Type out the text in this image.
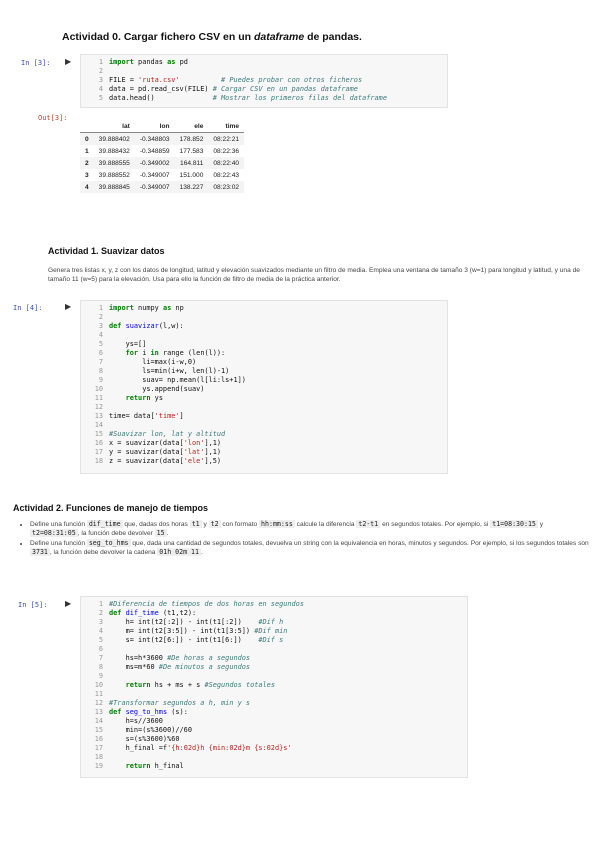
Actividad 0. Cargar fichero CSV en un dataframe de pandas.
In [3]: ▶	1 import pandas as pd
2
3 FILE = 'ruta.csv'	# Puedes probar con otros ficheros
4 data = pd.read_csv(FILE) # Cargar CSV en un pandas dataframe
5 data.head()	# Mostrar los primeros filas del dataframe
Out[3]:
	lat	lon	ele	time
0	39.888402	-0.348803	178.852	08:22:21
1	39.888432	-0.348859	177.583	08:22:36
2	39.888555	-0.349002	164.811	08:22:40
3	39.888552	-0.349007	151.000	08:22:43
4	39.888845	-0.349007	138.227	08:23:02
Actividad 1. Suavizar datos
Genera tres listas x, y, z con los datos de longitud, latitud y elevación suavizados mediante un filtro de media. Emplea una ventana de tamaño 3 (w=1) para longitud y latitud, y una de tamaño 11 (w=5) para la elevación. Usa para ello la función de filtro de media de la práctica anterior.
In [4]:	▶	1 import numpy as np
2
3 def suavizar(l,w):
4
5    ys=[]
6	for i in range (len(l)):
7        li=max(i-w,0)
8        ls=min(i+w, len(l)-1)
9        suav= np.mean(l[li:ls+1])
10        ys.append(suav)
11	return ys
12
13 time= data['time']
14
15 #Suavizar lon, lat y altitud
16 x = suavizar(data['lon'],1)
17 y = suavizar(data['lat'],1)
18 z = suavizar(data['ele'],5)
Actividad 2. Funciones de manejo de tiempos
• Define una función dif_time que, dadas dos horas t1 y t2 con formato hh:mm:ss calcule la diferencia t2-t1 en segundos totales. Por ejemplo, si t1=08:30:15 y t2=08:31:05 , la función debe devolver 15 .
• Define una función seg_to_hms que, dada una cantidad de segundos totales, devuelva un string con la equivalencia en horas, minutos y segundos. Por ejemplo, si los segundos totales son 3731 , la función debe devolver la cadena 01h 02m 11 .
In [5]: ▶	1 #Diferencia de tiempos de dos horas en segundos
2 def dif_time (t1,t2):
3    h= int(t2[:2]) - int(t1[:2])    #Dif h
4    m= int(t2[3:5]) - int(t1[3:5]) #Dif min
5    s= int(t2[6:]) - int(t1[6:])    #Dif s
6
7    hs=h*3600 #De horas a segundos
8    ms=m*60 #De minutos a segundos
9
10	return hs + ms + s #Segundos totales
11
12 #Transformar segundos a h, min y s
13 def seg_to_hms (s):
14    h=s//3600
15    min=(s%3600)//60
16    s=(s%3600)%60
17    h_final =f'{h:02d}h {min:02d}m {s:02d}s'
18
19	return h_final
